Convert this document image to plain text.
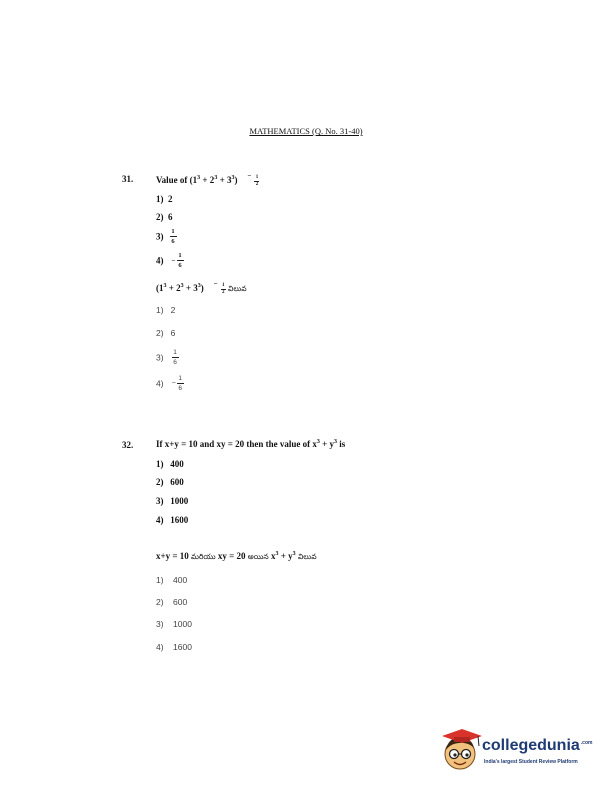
MATHEMATICS (Q. No. 31-40)
31.	Value of $(1^3 + 2^3 + 3^3)$ $^- \frac{1}{2}$
1) 2
2) 6
$3) \frac{1}{6}$
$4) - \frac{1}{6}$
$(1^3 + 2^3 + 3^3)$ $^- \frac{1}{2}$ విలువ
1) 2
2) 6
$3) \frac{1}{6}$
$4) - \frac{1}{6}$
32.	If x+y = 10 and xy = 20 then the value of $x^3 + y^3$ is
1) 400
2) 600
3) 1000
4) 1600
x+y = 10 మరియు xy = 20 అయిన $x^3 + y^3$ విలువ
1) 400
2) 600
3) 1000
4) 1600
collegedunia$^{.com}$
India's largest Student Review Platform
